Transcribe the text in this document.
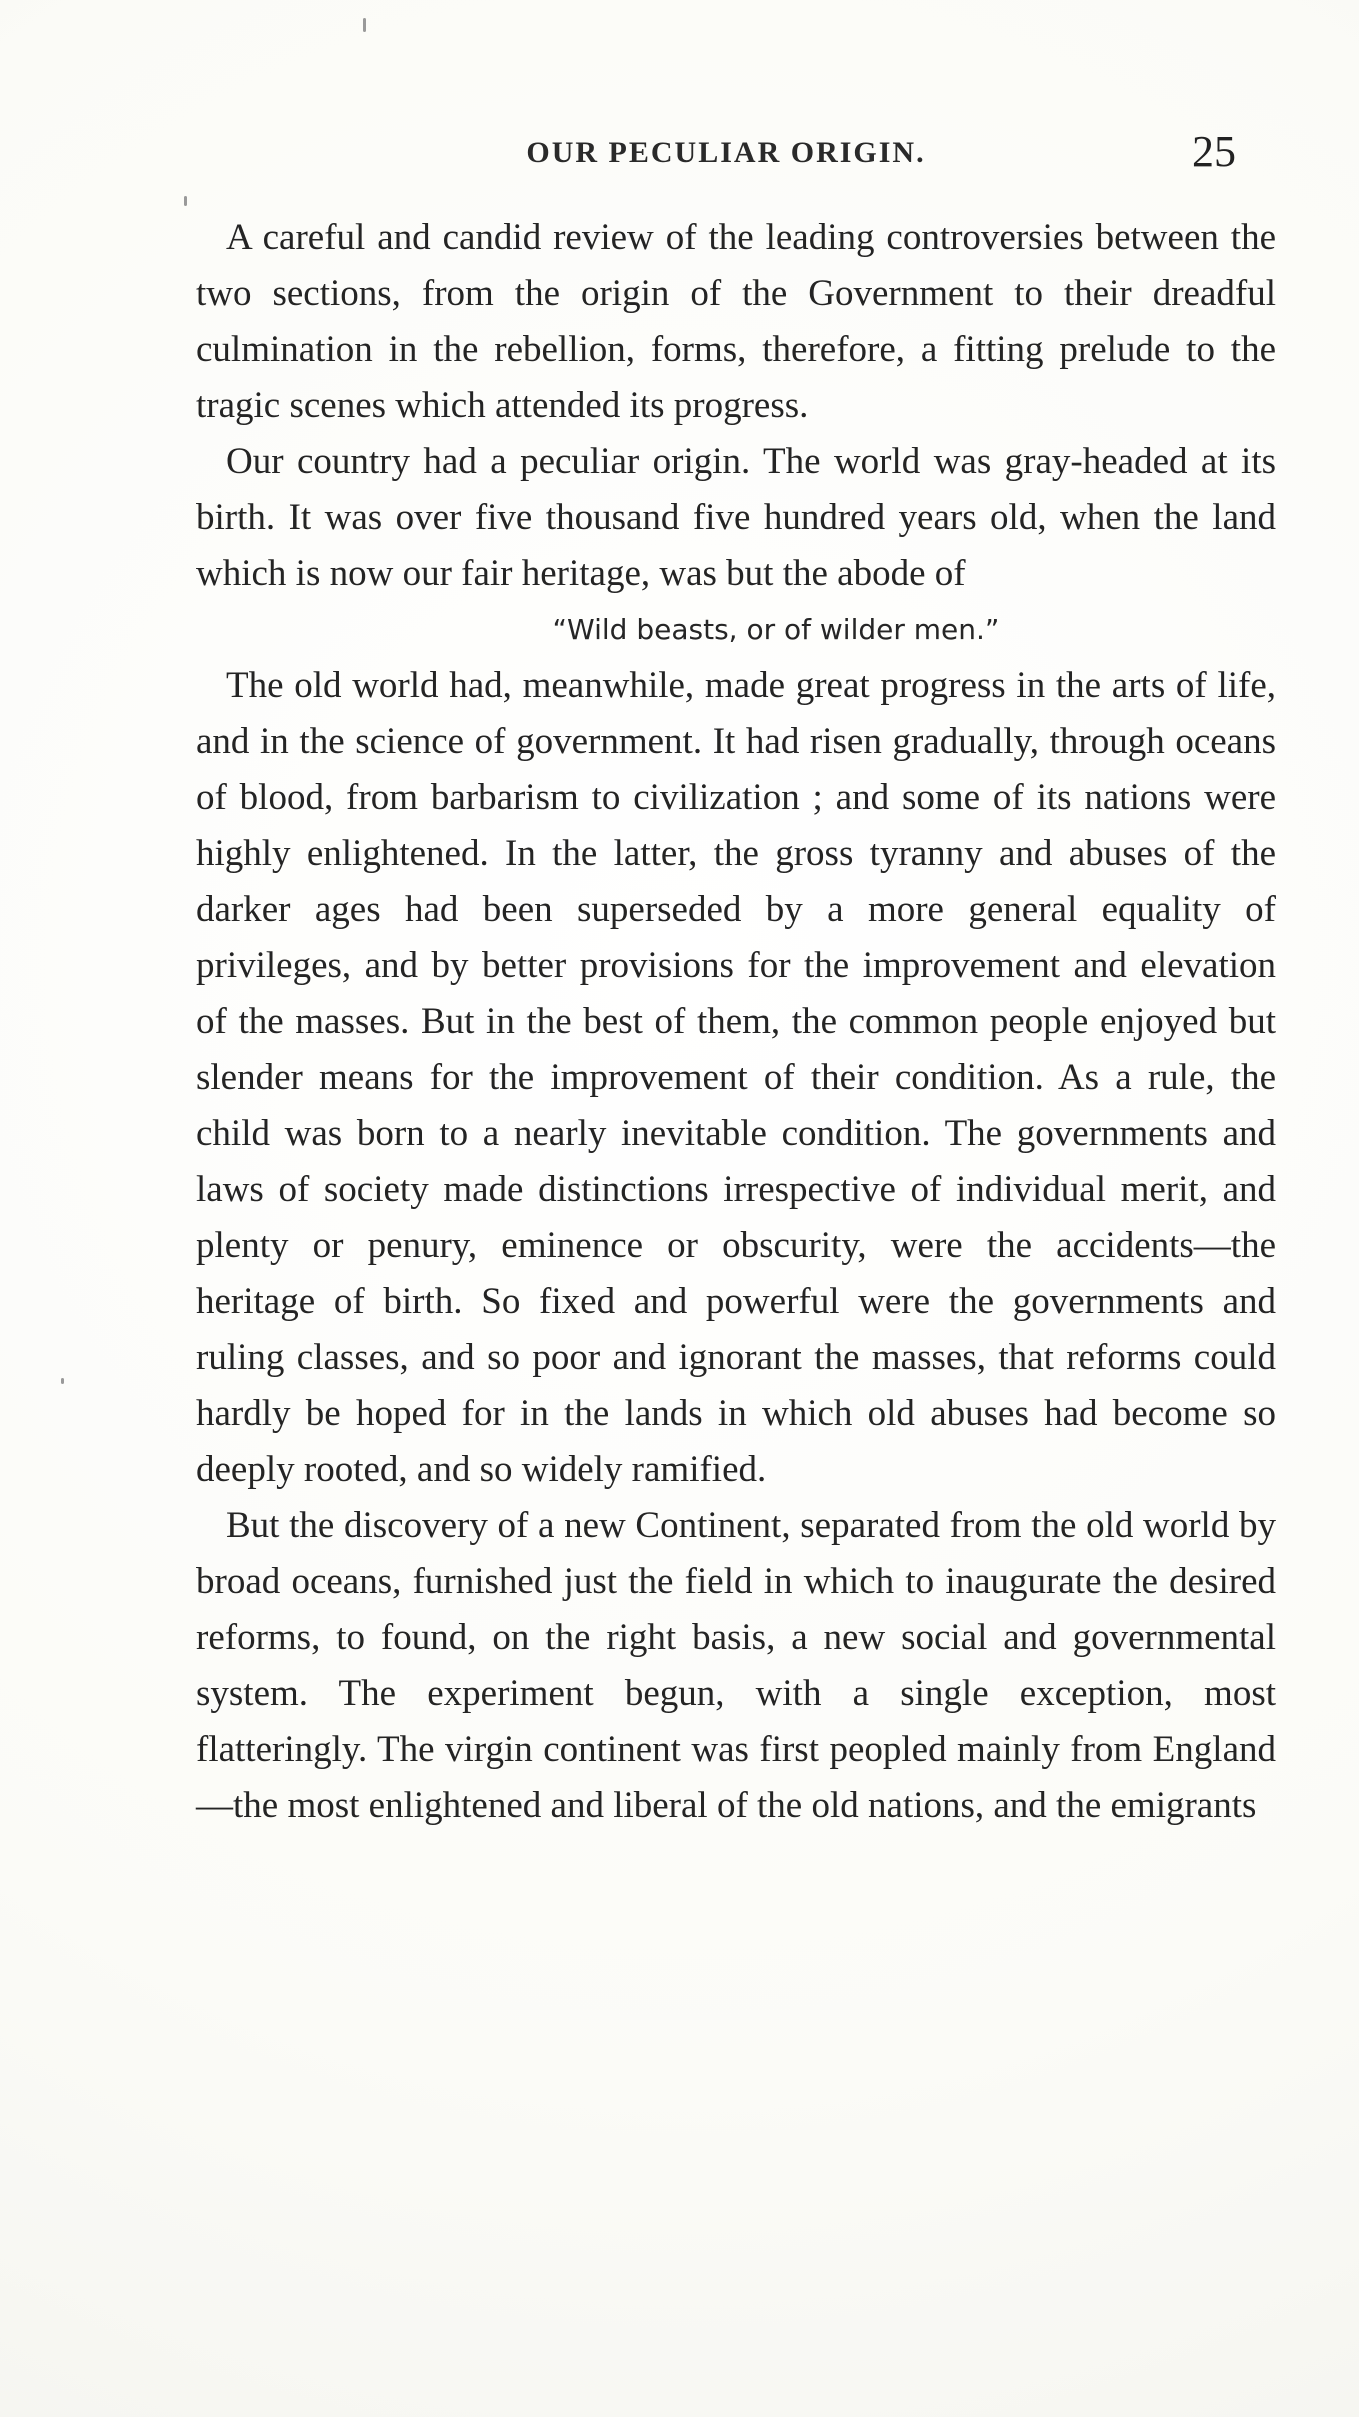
OUR PECULIAR ORIGIN.	25

A careful and candid review of the leading controversies between the two sections, from the origin of the Government to their dreadful culmination in the rebellion, forms, therefore, a fitting prelude to the tragic scenes which attended its progress.

Our country had a peculiar origin. The world was gray-headed at its birth. It was over five thousand five hundred years old, when the land which is now our fair heritage, was but the abode of

“Wild beasts, or of wilder men.”

The old world had, meanwhile, made great progress in the arts of life, and in the science of government. It had risen gradually, through oceans of blood, from barbarism to civilization ; and some of its nations were highly enlightened. In the latter, the gross tyranny and abuses of the darker ages had been superseded by a more general equality of privileges, and by better provisions for the improvement and elevation of the masses. But in the best of them, the common people enjoyed but slender means for the improvement of their condition. As a rule, the child was born to a nearly inevitable condition. The governments and laws of society made distinctions irrespective of individual merit, and plenty or penury, eminence or obscurity, were the accidents—the heritage of birth. So fixed and powerful were the governments and ruling classes, and so poor and ignorant the masses, that reforms could hardly be hoped for in the lands in which old abuses had become so deeply rooted, and so widely ramified.

But the discovery of a new Continent, separated from the old world by broad oceans, furnished just the field in which to inaugurate the desired reforms, to found, on the right basis, a new social and governmental system. The experiment begun, with a single exception, most flatteringly. The virgin continent was first peopled mainly from England—the most enlightened and liberal of the old nations, and the emigrants
